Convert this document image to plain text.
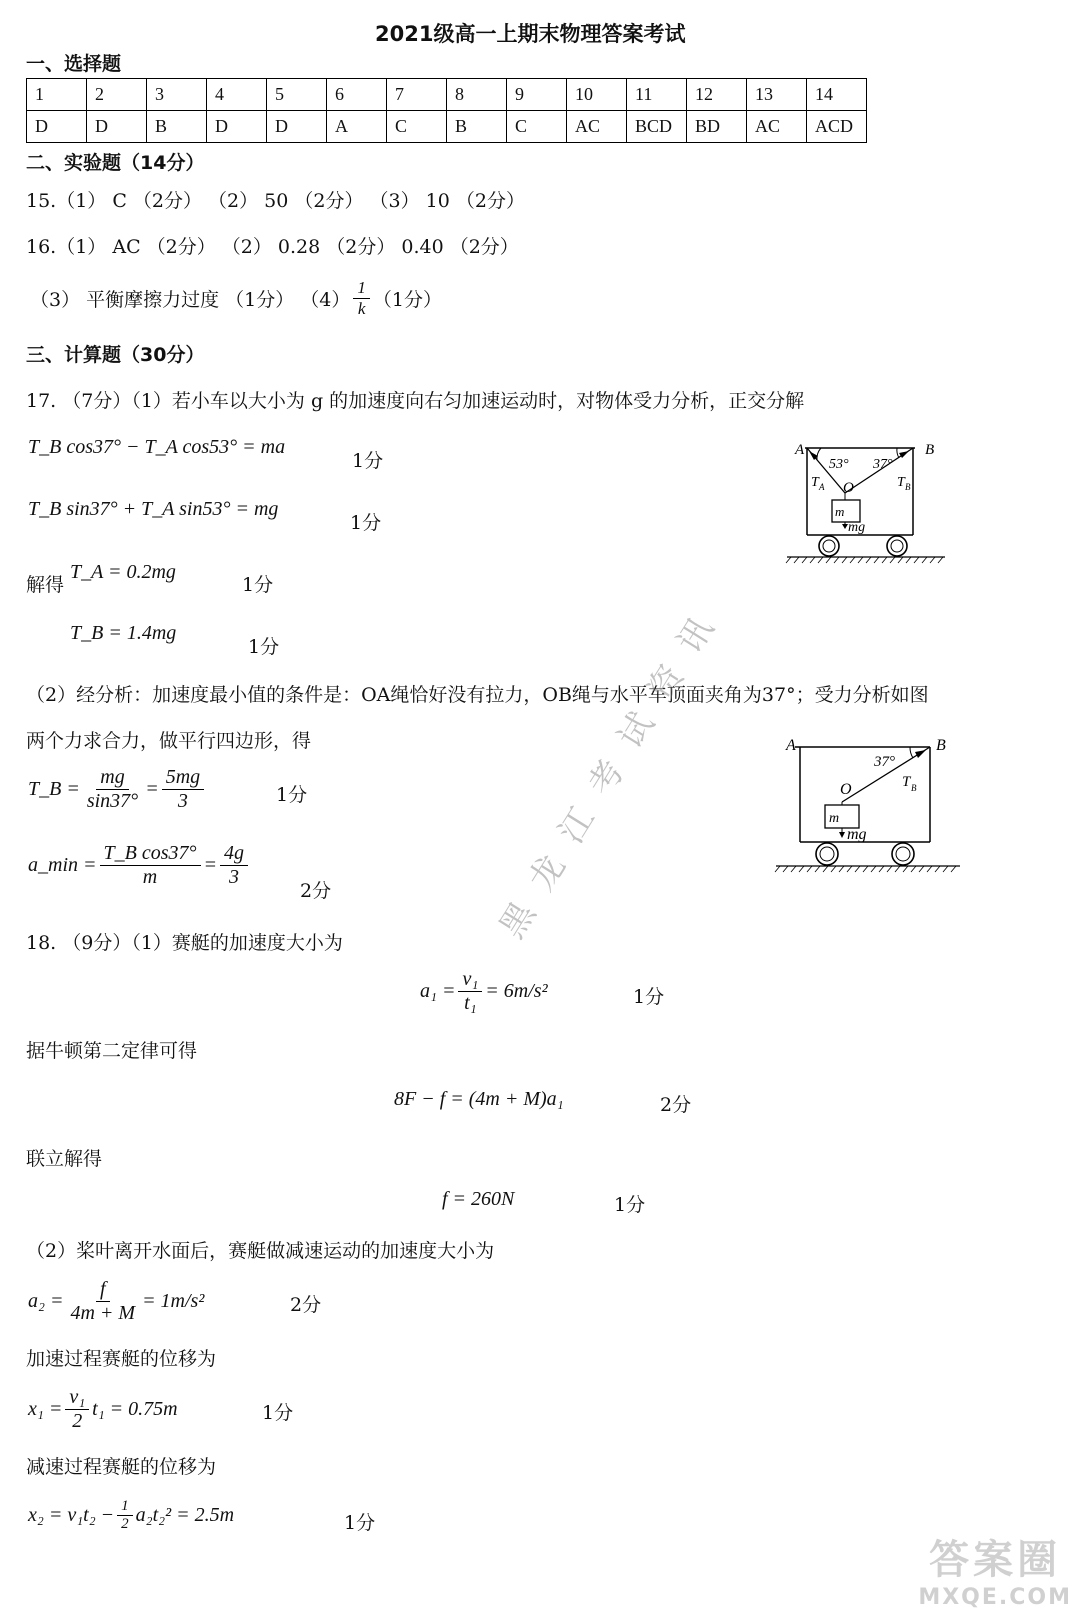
2021级高一上期末物理答案考试
一、选择题
1	2	3	4	5	6	7	8	9	10	11	12	13	14
D	D	B	D	D	A	C	B	C	AC	BCD	BD	AC	ACD
二、实验题（14分）
15.（1） C （2分） （2） 50 （2分） （3） 10 （2分）
16.（1） AC （2分） （2） 0.28 （2分） 0.40 （2分）
（3） 平衡摩擦力过度 （1分） $(4) \frac{1}{k} (1$分）
三、计算题（30分）
17. （7分）（1）若小车以大小为 g 的加速度向右匀加速运动时，对物体受力分析，正交分解
T_B cos37° − T_A cos53° = ma
1分
T_B sin37° + T_A sin53° = mg
1分
解得
T_A = 0.2mg
1分
T_B = 1.4mg
1分
（2）经分析：加速度最小值的条件是：OA绳恰好没有拉力，OB绳与水平车顶面夹角为37°；受力分析如图
两个力求合力，做平行四边形，得
T_B = $\frac{mg}{\sin 37^\circ} = \frac{5mg}{3}$	1分
a_min = $\frac{\text{T\_B cos37°}}{m} = \frac{4g}{3}$
2分
A	B
53° 37°
O
T A	T B
m
mg
A	B
37°
O	T B
m
mg
黑龙江考试资讯
18. （9分）（1）赛艇的加速度大小为
$a_1 = \frac{\text{v₁}}{\text{t₁}} = 6m/s^2$	1分
据牛顿第二定律可得
8F − f = (4m + M)a₁	2分
联立解得
f = 260N	1分
（2）桨叶离开水面后，赛艇做减速运动的加速度大小为
$a_2 = \frac{f}{4m + M} = 1m/s^2$	2分
加速过程赛艇的位移为
$x_1 = \frac{\text{v₁}}{2} t_1 = 0.75m$	1分
减速过程赛艇的位移为
$x_2 = v_1t_2 - \frac{1}{2} a_2t_2^2 = 2.5m$	1分
答案圈
MXQE.COM
